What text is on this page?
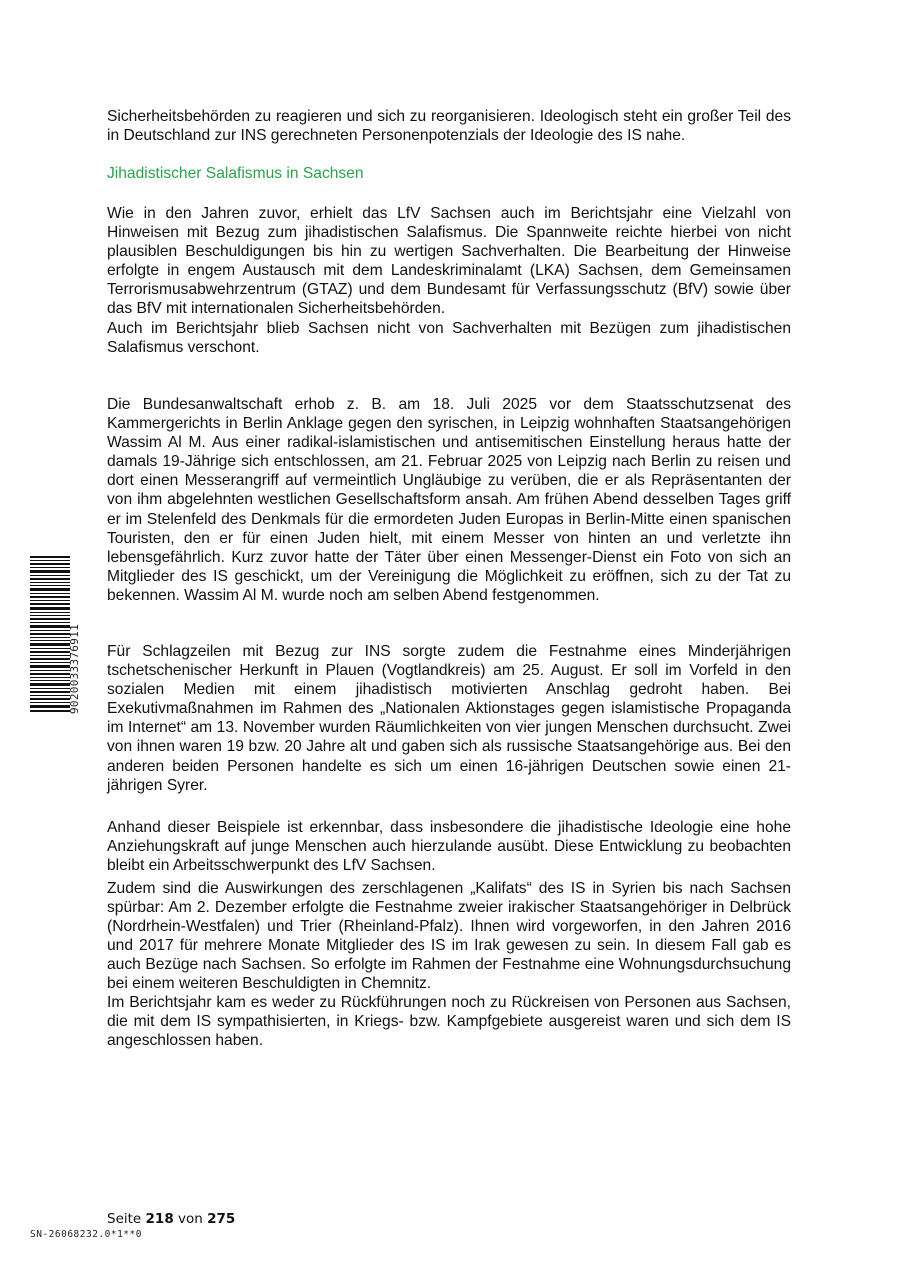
Sicherheitsbehörden zu reagieren und sich zu reorganisieren. Ideologisch steht ein großer Teil des in Deutschland zur INS gerechneten Personenpotenzials der Ideologie des IS nahe.

Jihadistischer Salafismus in Sachsen

Wie in den Jahren zuvor, erhielt das LfV Sachsen auch im Berichtsjahr eine Vielzahl von Hinweisen mit Bezug zum jihadistischen Salafismus. Die Spannweite reichte hierbei von nicht plausiblen Beschuldigungen bis hin zu wertigen Sachverhalten. Die Bearbeitung der Hinweise erfolgte in engem Austausch mit dem Landeskriminalamt (LKA) Sachsen, dem Gemeinsamen Terrorismusabwehrzentrum (GTAZ) und dem Bundesamt für Verfassungsschutz (BfV) sowie über das BfV mit internationalen Sicherheitsbehörden.

Auch im Berichtsjahr blieb Sachsen nicht von Sachverhalten mit Bezügen zum jihadistischen Salafismus verschont.

Die Bundesanwaltschaft erhob z. B. am 18. Juli 2025 vor dem Staatsschutzsenat des Kammergerichts in Berlin Anklage gegen den syrischen, in Leipzig wohnhaften Staatsangehörigen Wassim Al M. Aus einer radikal-islamistischen und antisemitischen Einstellung heraus hatte der damals 19-Jährige sich entschlossen, am 21. Februar 2025 von Leipzig nach Berlin zu reisen und dort einen Messerangriff auf vermeintlich Ungläubige zu verüben, die er als Repräsentanten der von ihm abgelehnten westlichen Gesellschaftsform ansah. Am frühen Abend desselben Tages griff er im Stelenfeld des Denkmals für die ermordeten Juden Europas in Berlin-Mitte einen spanischen Touristen, den er für einen Juden hielt, mit einem Messer von hinten an und verletzte ihn lebensgefährlich. Kurz zuvor hatte der Täter über einen Messenger-Dienst ein Foto von sich an Mitglieder des IS geschickt, um der Vereinigung die Möglichkeit zu eröffnen, sich zu der Tat zu bekennen. Wassim Al M. wurde noch am selben Abend festgenommen.

Für Schlagzeilen mit Bezug zur INS sorgte zudem die Festnahme eines Minderjährigen tschetschenischer Herkunft in Plauen (Vogtlandkreis) am 25. August. Er soll im Vorfeld in den sozialen Medien mit einem jihadistisch motivierten Anschlag gedroht haben. Bei Exekutivmaßnahmen im Rahmen des „Nationalen Aktionstages gegen islamistische Propaganda im Internet“ am 13. November wurden Räumlichkeiten von vier jungen Menschen durchsucht. Zwei von ihnen waren 19 bzw. 20 Jahre alt und gaben sich als russische Staatsangehörige aus. Bei den anderen beiden Personen handelte es sich um einen 16-jährigen Deutschen sowie einen 21-jährigen Syrer.

Anhand dieser Beispiele ist erkennbar, dass insbesondere die jihadistische Ideologie eine hohe Anziehungskraft auf junge Menschen auch hierzulande ausübt. Diese Entwicklung zu beobachten bleibt ein Arbeitsschwerpunkt des LfV Sachsen.

Zudem sind die Auswirkungen des zerschlagenen „Kalifats“ des IS in Syrien bis nach Sachsen spürbar: Am 2. Dezember erfolgte die Festnahme zweier irakischer Staatsangehöriger in Delbrück (Nordrhein-Westfalen) und Trier (Rheinland-Pfalz). Ihnen wird vorgeworfen, in den Jahren 2016 und 2017 für mehrere Monate Mitglieder des IS im Irak gewesen zu sein. In diesem Fall gab es auch Bezüge nach Sachsen. So erfolgte im Rahmen der Festnahme eine Wohnungsdurchsuchung bei einem weiteren Beschuldigten in Chemnitz.

Im Berichtsjahr kam es weder zu Rückführungen noch zu Rückreisen von Personen aus Sachsen, die mit dem IS sympathisierten, in Kriegs- bzw. Kampfgebiete ausgereist waren und sich dem IS angeschlossen haben.

9020033376911
Seite 218 von 275
SN-26068232.0*1**0
